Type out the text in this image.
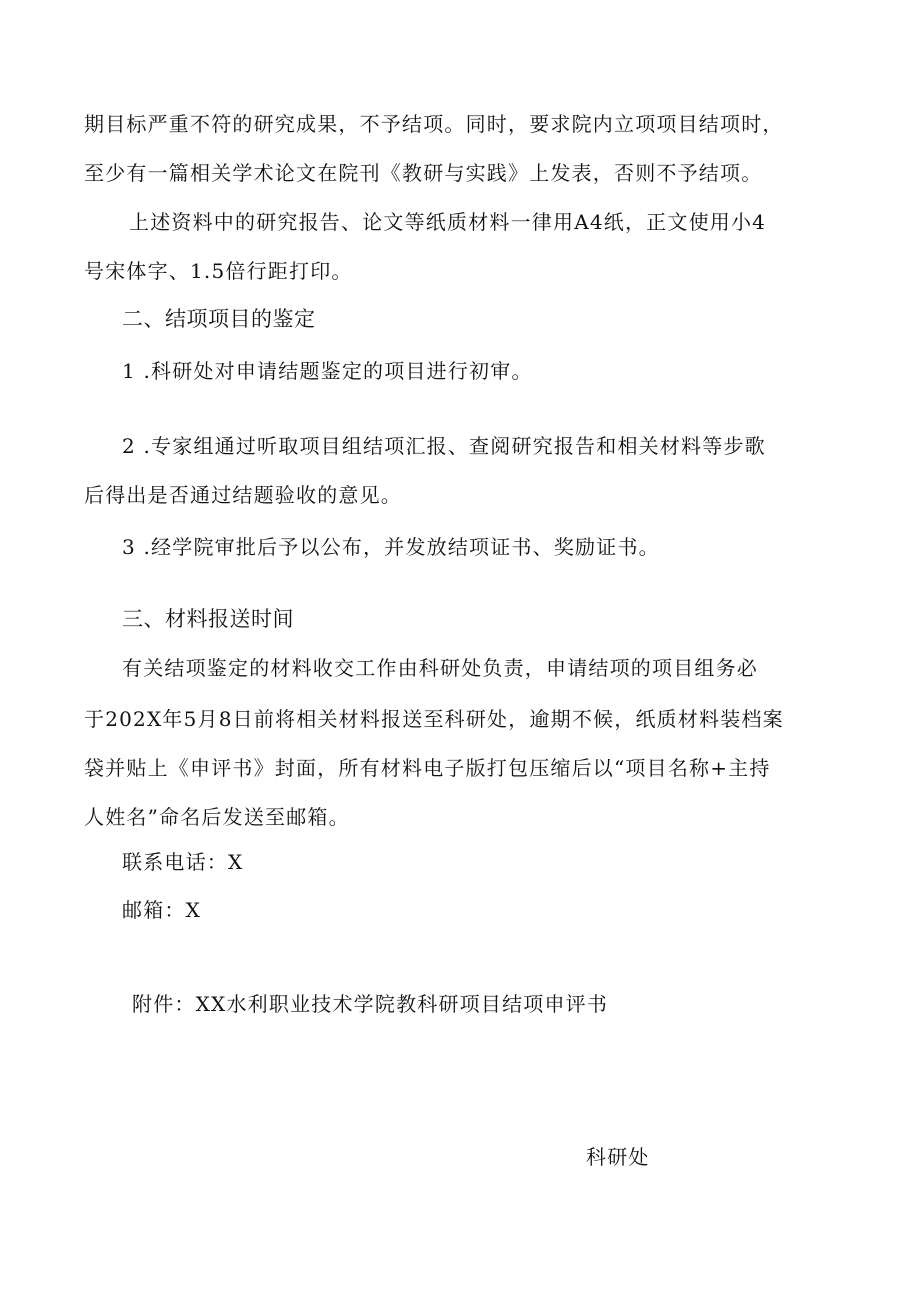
期目标严重不符的研究成果，不予结项。同时，要求院内立项项目结项时，
至少有一篇相关学术论文在院刊《教研与实践》上发表，否则不予结项。
上述资料中的研究报告、论文等纸质材料一律用A4纸，正文使用小4
号宋体字、1.5倍行距打印。
二、结项项目的鉴定
1 .科研处对申请结题鉴定的项目进行初审。
2 .专家组通过听取项目组结项汇报、查阅研究报告和相关材料等步歌
后得出是否通过结题验收的意见。
3 .经学院审批后予以公布，并发放结项证书、奖励证书。
三、材料报送时间
有关结项鉴定的材料收交工作由科研处负责，申请结项的项目组务必
于202X年5月8日前将相关材料报送至科研处，逾期不候，纸质材料装档案
袋并贴上《申评书》封面，所有材料电子版打包压缩后以“项目名称+主持
人姓名”命名后发送至邮箱。
联系电话：X
邮箱：X
附件：XX水利职业技术学院教科研项目结项申评书
科研处
